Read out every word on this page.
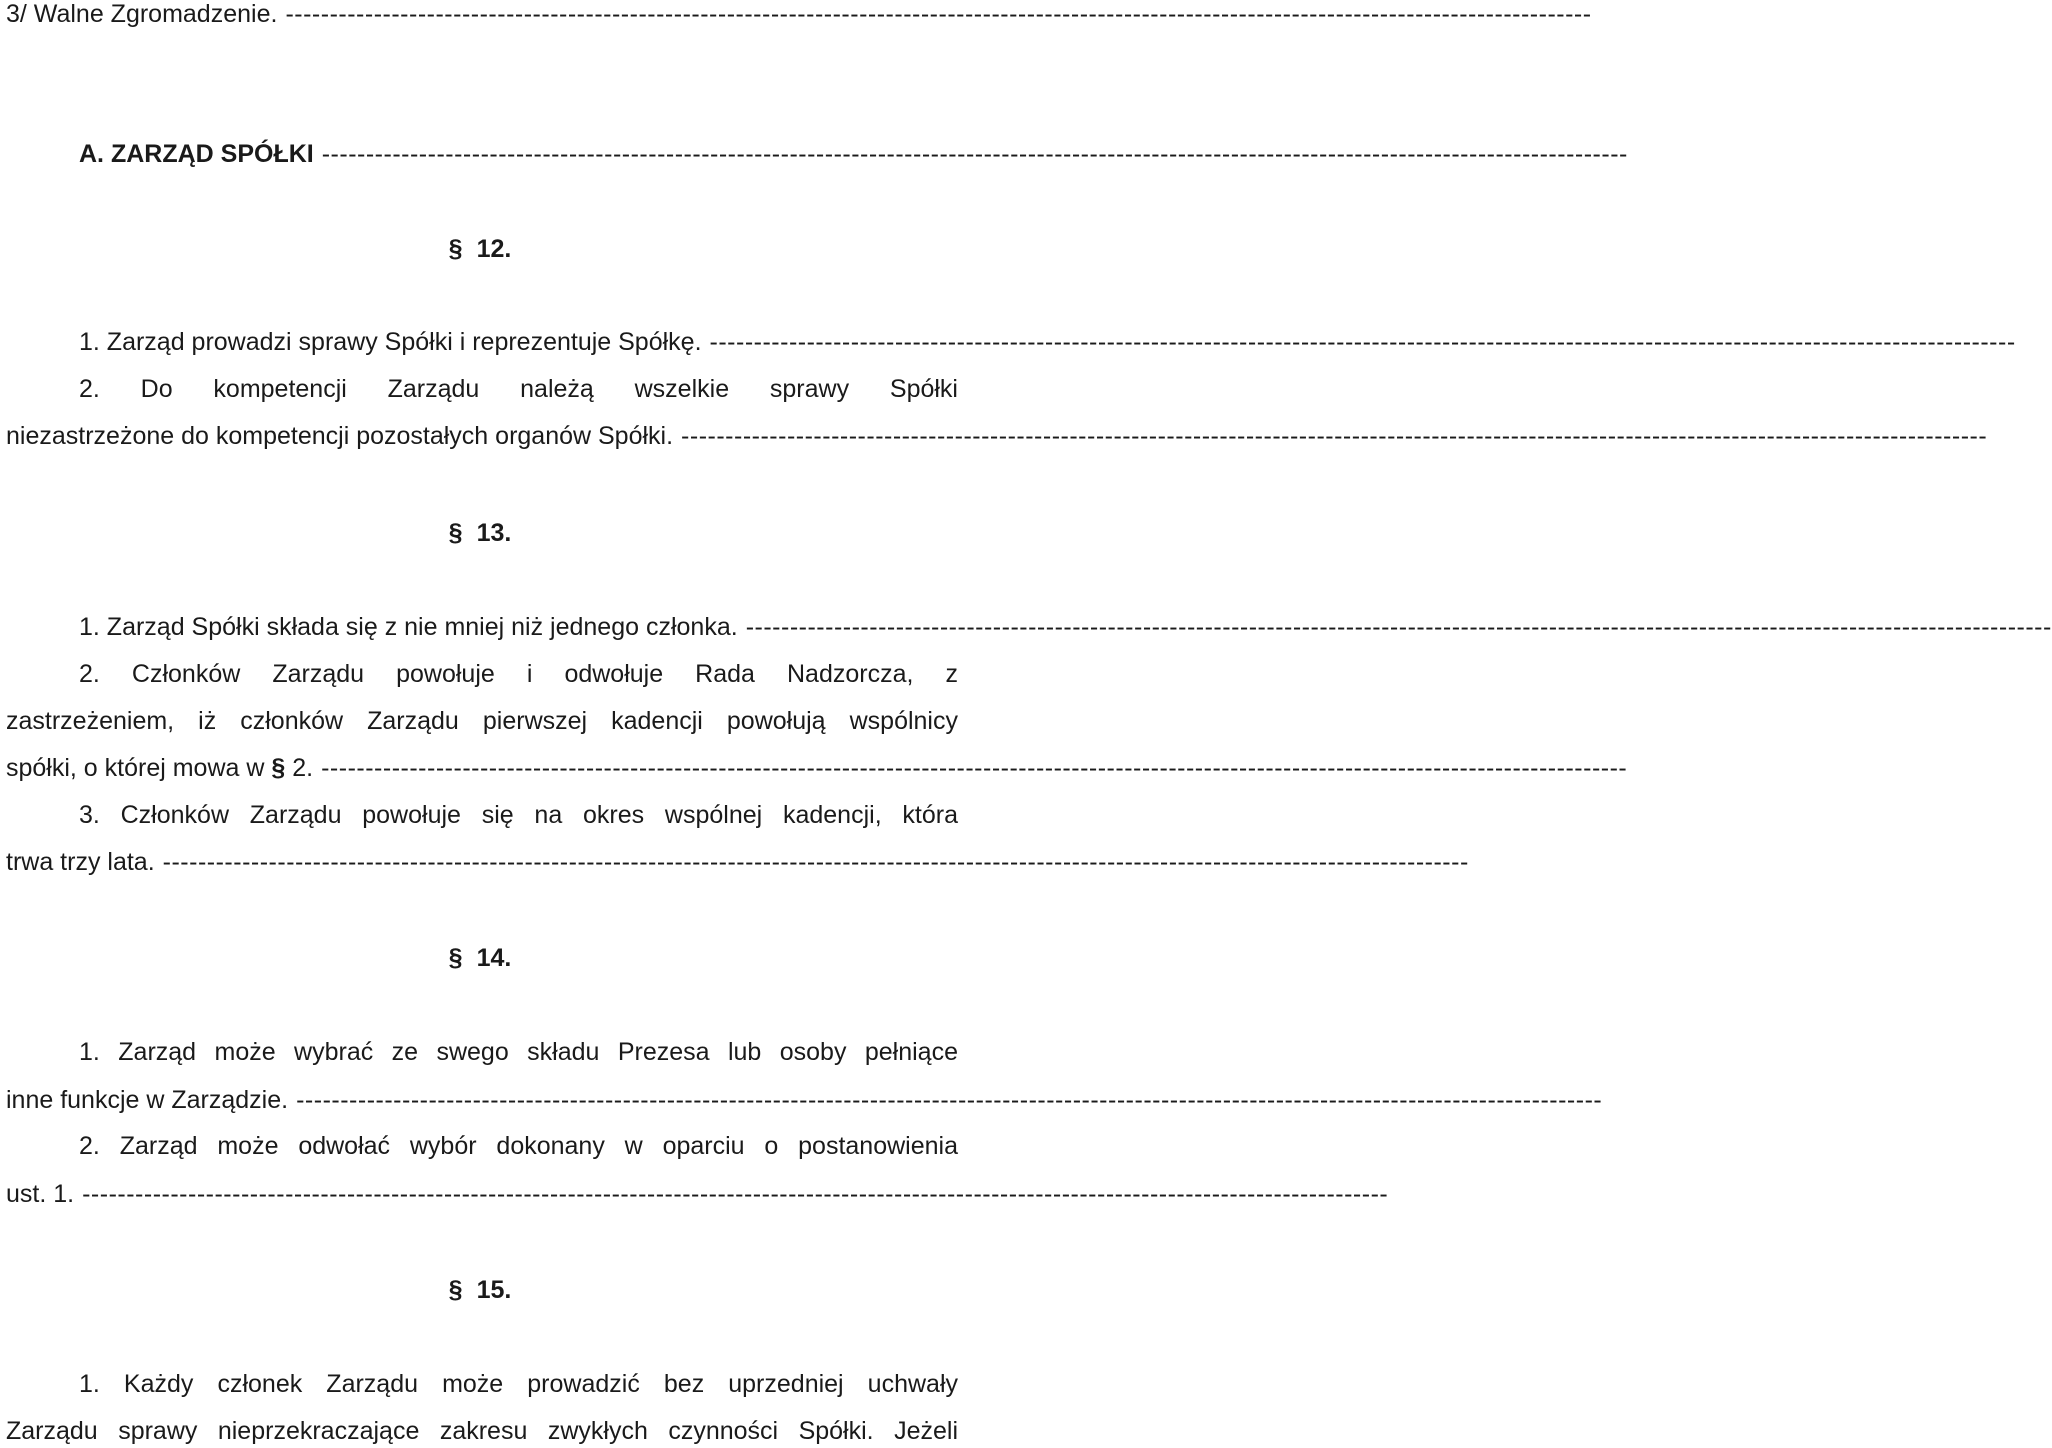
3/ Walne Zgromadzenie. ----------------------------------------------------------------------------------------------------------------------------------------------------
A. ZARZĄD SPÓŁKI ----------------------------------------------------------------------------------------------------------------------------------------------------
§ 12.
1. Zarząd prowadzi sprawy Spółki i reprezentuje Spółkę. ----------------------------------------------------------------------------------------------------------------------------------------------------
2. Do kompetencji Zarządu należą wszelkie sprawy Spółki
niezastrzeżone do kompetencji pozostałych organów Spółki. ----------------------------------------------------------------------------------------------------------------------------------------------------
§ 13.
1. Zarząd Spółki składa się z nie mniej niż jednego członka. ----------------------------------------------------------------------------------------------------------------------------------------------------
2. Członków Zarządu powołuje i odwołuje Rada Nadzorcza, z
zastrzeżeniem, iż członków Zarządu pierwszej kadencji powołują wspólnicy
spółki, o której mowa w § 2. ----------------------------------------------------------------------------------------------------------------------------------------------------
3. Członków Zarządu powołuje się na okres wspólnej kadencji, która
trwa trzy lata. ----------------------------------------------------------------------------------------------------------------------------------------------------
§ 14.
1. Zarząd może wybrać ze swego składu Prezesa lub osoby pełniące
inne funkcje w Zarządzie. ----------------------------------------------------------------------------------------------------------------------------------------------------
2. Zarząd może odwołać wybór dokonany w oparciu o postanowienia
ust. 1. ----------------------------------------------------------------------------------------------------------------------------------------------------
§ 15.
1. Każdy członek Zarządu może prowadzić bez uprzedniej uchwały
Zarządu sprawy nieprzekraczające zakresu zwykłych czynności Spółki. Jeżeli
